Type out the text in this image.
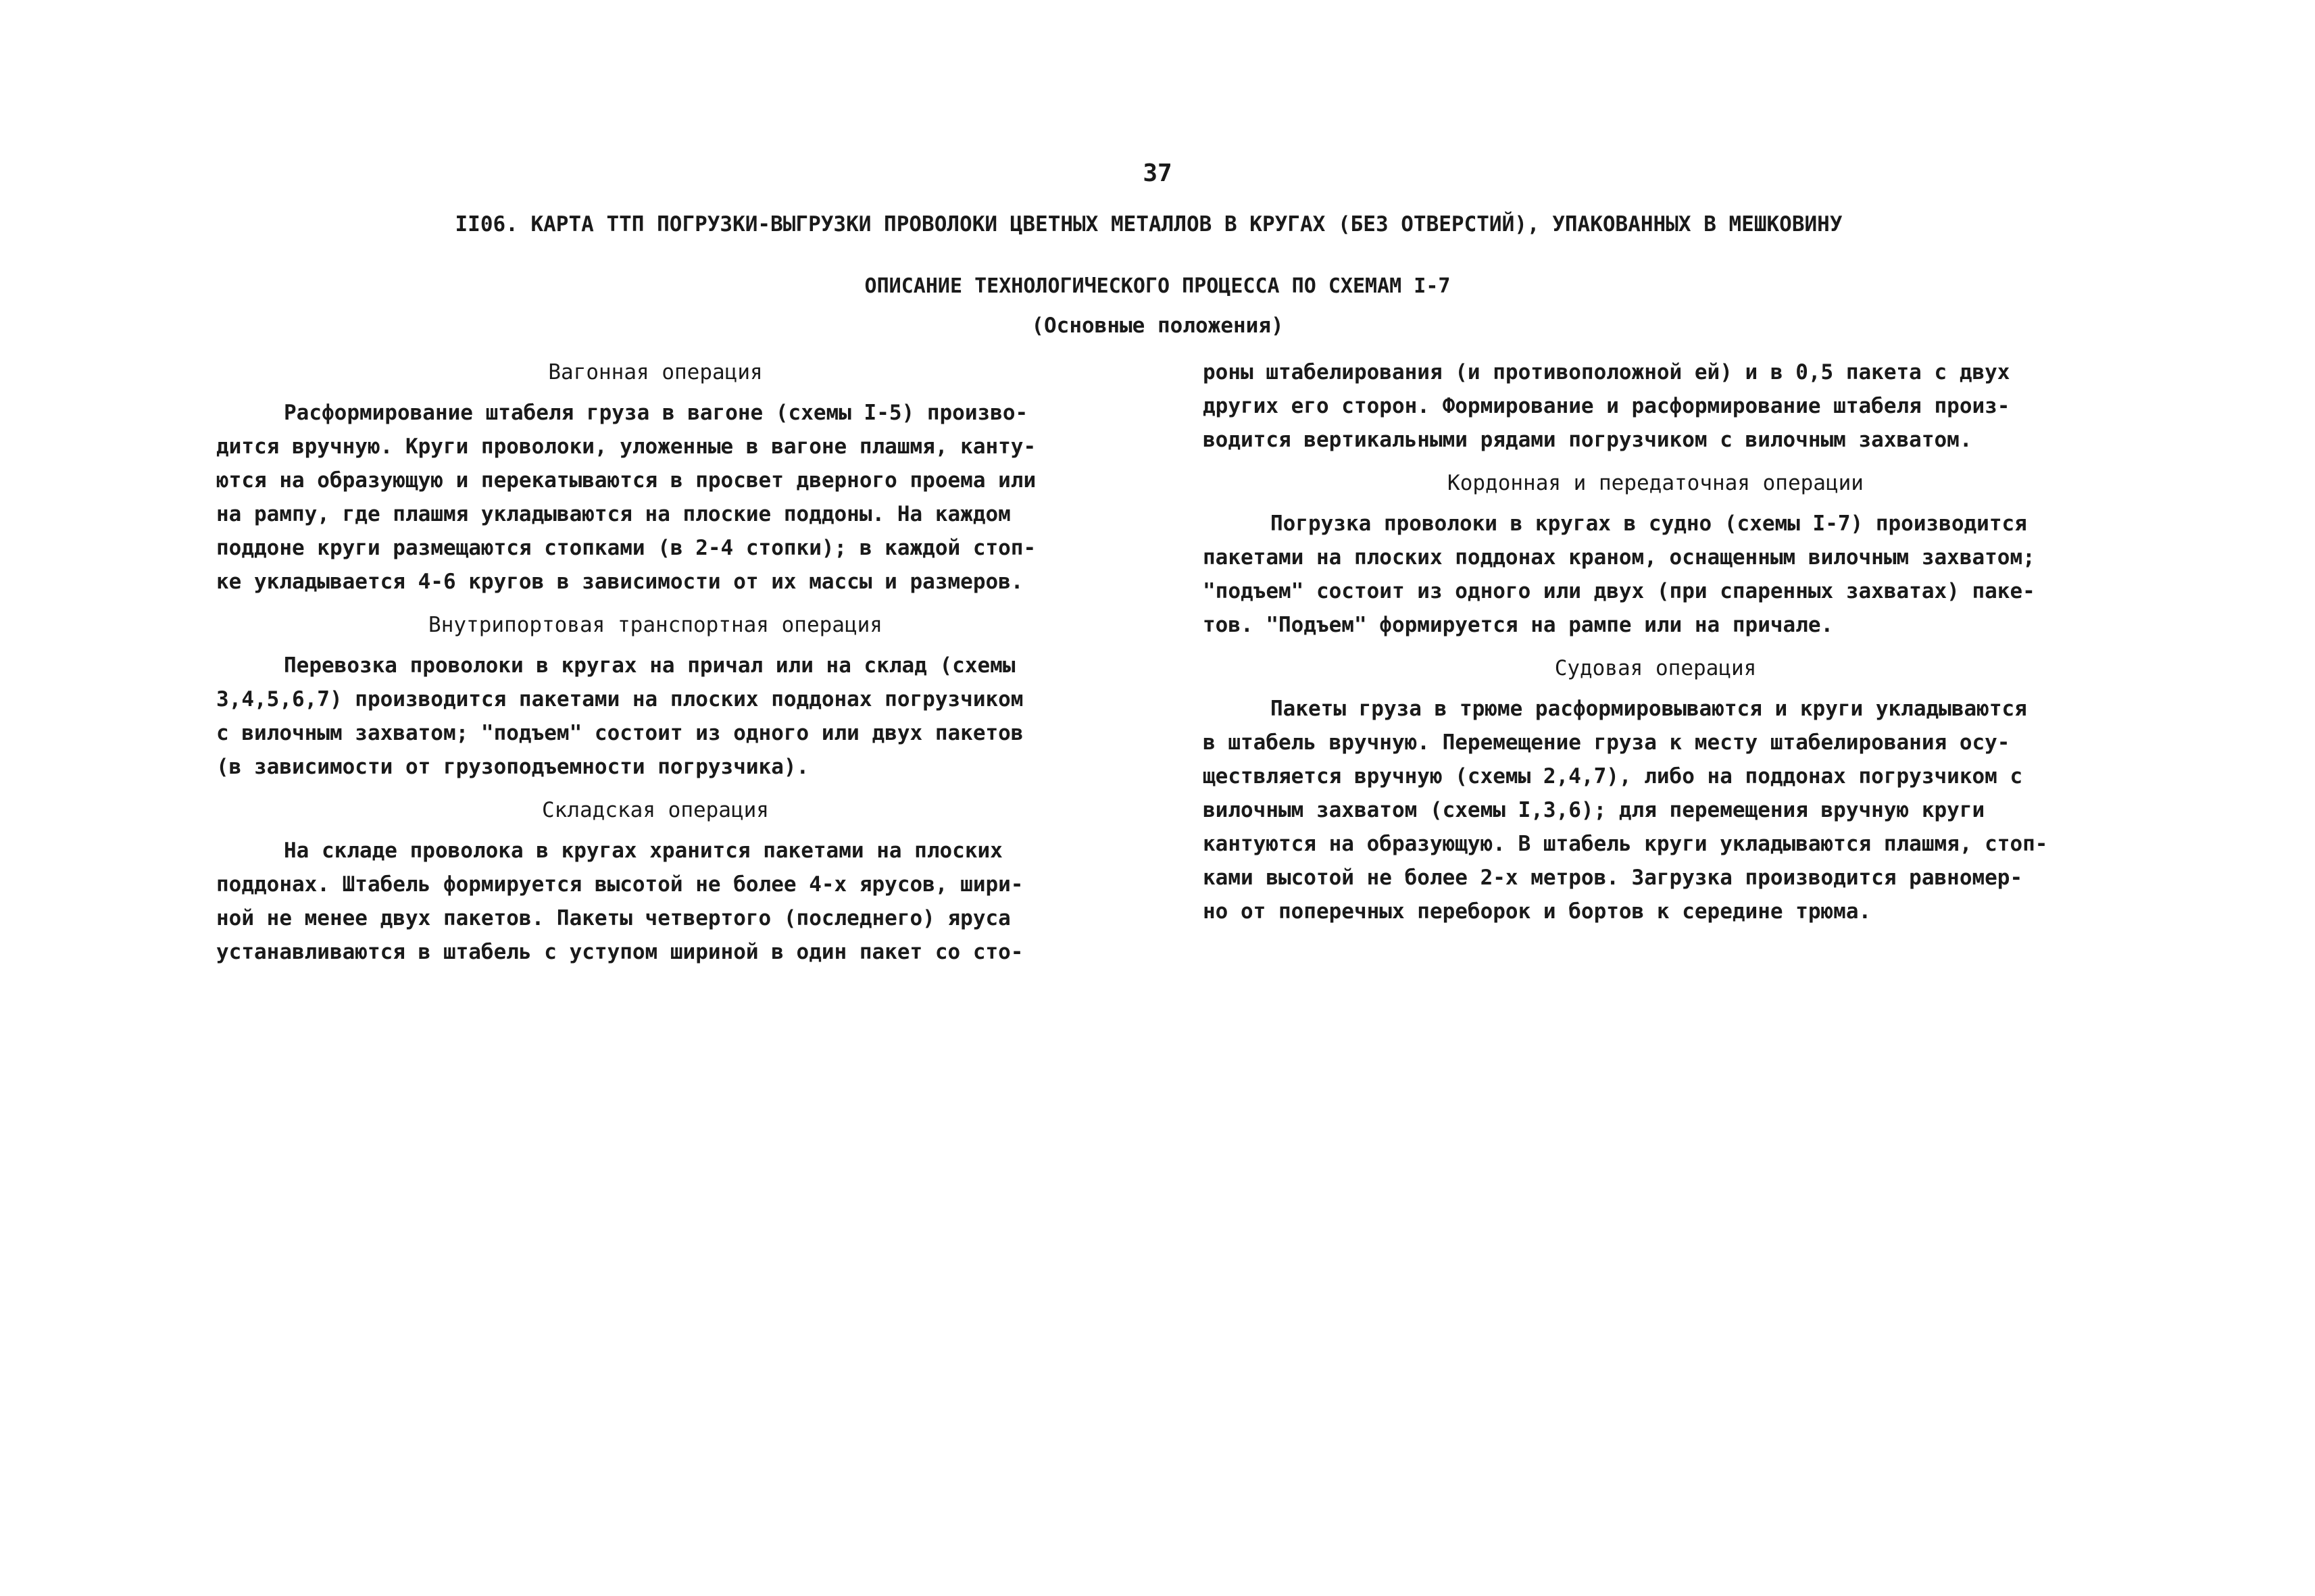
37
II06. КАРТА ТТП ПОГРУЗКИ-ВЫГРУЗКИ ПРОВОЛОКИ ЦВЕТНЫХ МЕТАЛЛОВ В КРУГАХ (БЕЗ ОТВЕРСТИЙ), УПАКОВАННЫХ В МЕШКОВИНУ
ОПИСАНИЕ ТЕХНОЛОГИЧЕСКОГО ПРОЦЕССА ПО СХЕМАМ I-7
(Основные положения)
Вагонная операция
Расформирование штабеля груза в вагоне (схемы I-5) произво-
дится вручную. Круги проволоки, уложенные в вагоне плашмя, канту-
ются на образующую и перекатываются в просвет дверного проема или
на рампу, где плашмя укладываются на плоские поддоны. На каждом
поддоне круги размещаются стопками (в 2-4 стопки); в каждой стоп-
ке укладывается 4-6 кругов в зависимости от их массы и размеров.
Внутрипортовая транспортная операция
Перевозка проволоки в кругах на причал или на склад (схемы
3,4,5,6,7) производится пакетами на плоских поддонах погрузчиком
с вилочным захватом; "подъем" состоит из одного или двух пакетов
(в зависимости от грузоподъемности погрузчика).
Складская операция
На складе проволока в кругах хранится пакетами на плоских
поддонах. Штабель формируется высотой не более 4-х ярусов, шири-
ной не менее двух пакетов. Пакеты четвертого (последнего) яруса
устанавливаются в штабель с уступом шириной в один пакет со сто-
роны штабелирования (и противоположной ей) и в 0,5 пакета с двух
других его сторон. Формирование и расформирование штабеля произ-
водится вертикальными рядами погрузчиком с вилочным захватом.
Кордонная и передаточная операции
Погрузка проволоки в кругах в судно (схемы I-7) производится
пакетами на плоских поддонах краном, оснащенным вилочным захватом;
"подъем" состоит из одного или двух (при спаренных захватах) паке-
тов. "Подъем" формируется на рампе или на причале.
Судовая операция
Пакеты груза в трюме расформировываются и круги укладываются
в штабель вручную. Перемещение груза к месту штабелирования осу-
ществляется вручную (схемы 2,4,7), либо на поддонах погрузчиком с
вилочным захватом (схемы I,3,6); для перемещения вручную круги
кантуются на образующую. В штабель круги укладываются плашмя, стоп-
ками высотой не более 2-х метров. Загрузка производится равномер-
но от поперечных переборок и бортов к середине трюма.
